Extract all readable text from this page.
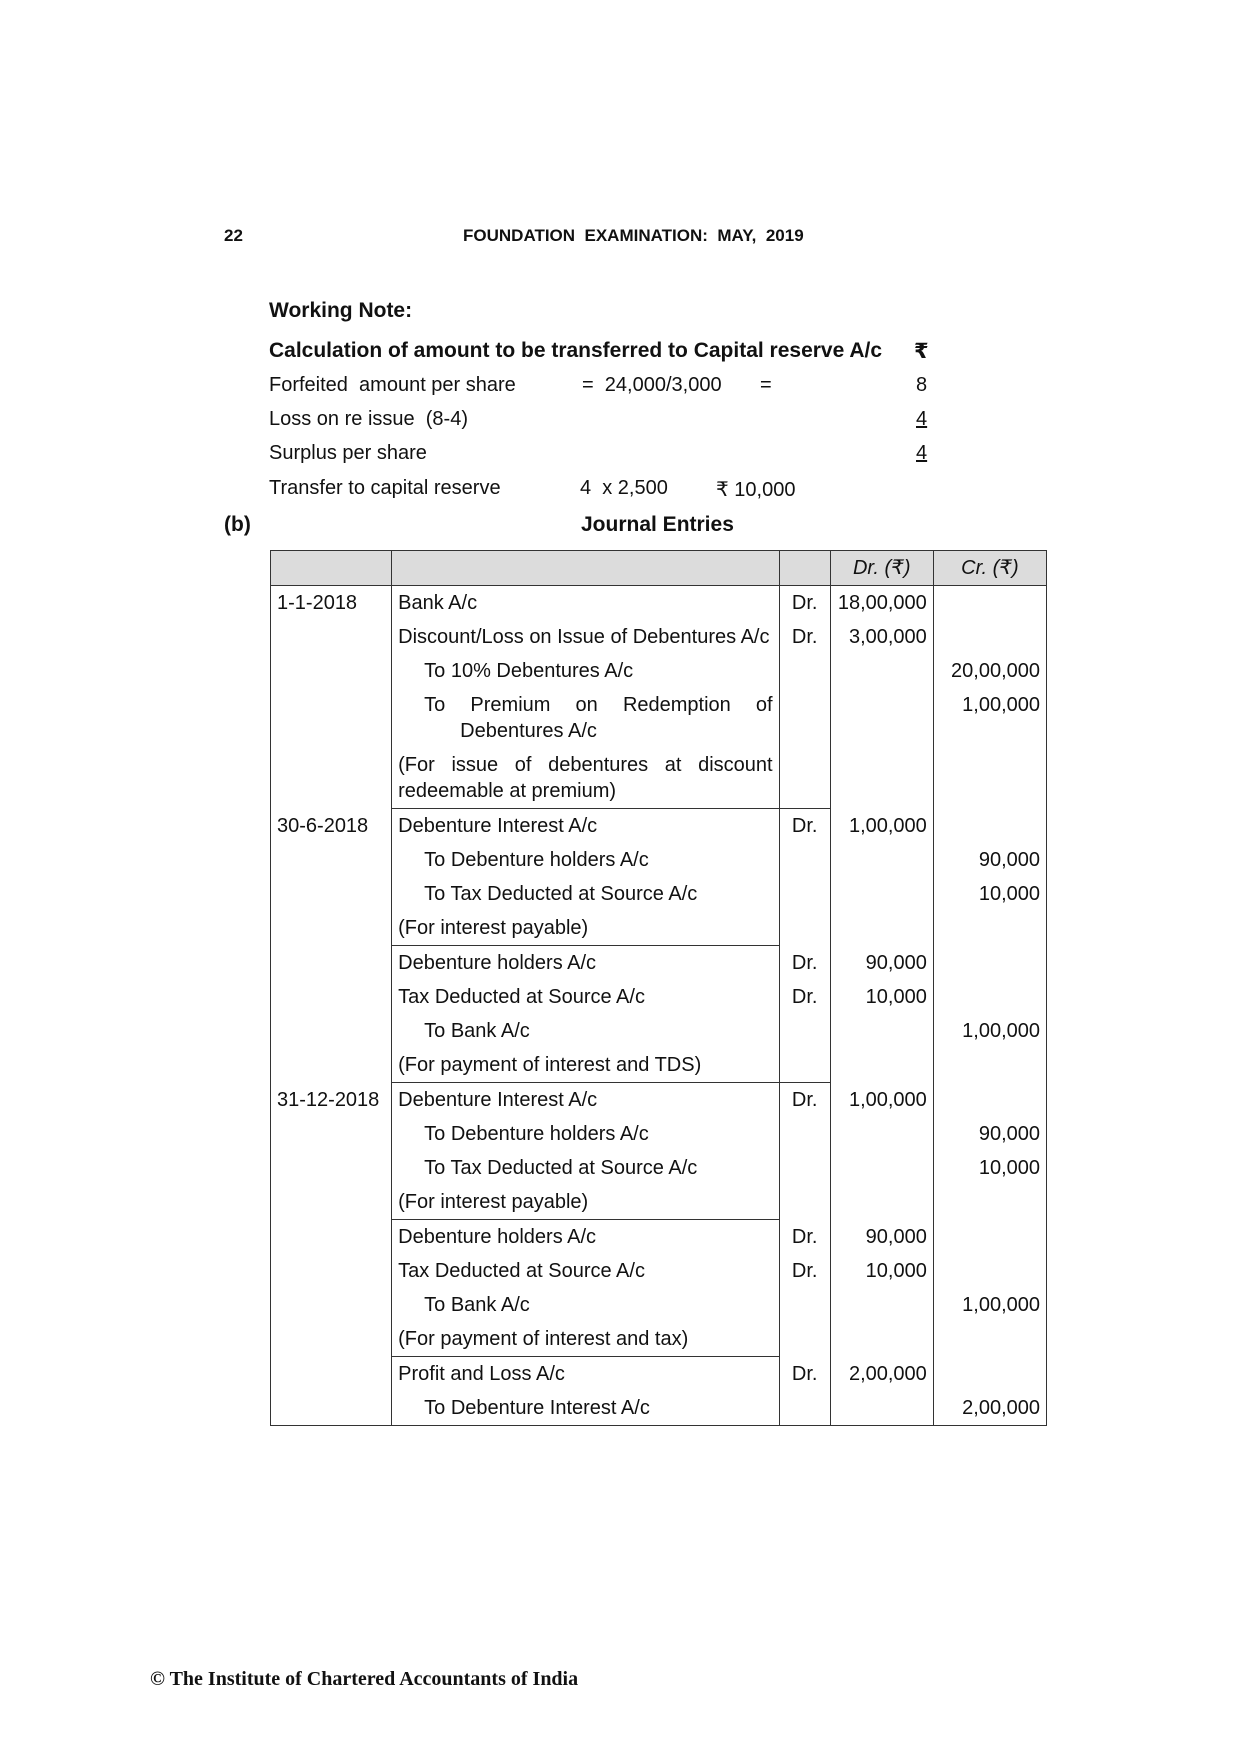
22	FOUNDATION  EXAMINATION:  MAY,  2019
Working Note:
Calculation of amount to be transferred to Capital reserve A/c ₹
Forfeited  amount per share	=  24,000/3,000 =	8
Loss on re issue  (8-4)	4
Surplus per share	4
Transfer to capital reserve	4  x 2,500 ₹ 10,000
(b)	Journal Entries
			Dr. (₹)	Cr. (₹)
1-1-2018	Bank A/c	Dr.	18,00,000	
	Discount/Loss on Issue of Debentures A/c	Dr.	3,00,000	

	To 10% Debentures A/c			20,00,000

	To   Premium   on   Redemption   of
Debentures A/c			1,00,000

	(For  issue  of  debentures  at  discount
redeemable at premium)			

30-6-2018	Debenture Interest A/c	Dr.	1,00,000	

	To Debenture holders A/c			90,000

	To Tax Deducted at Source A/c			10,000
	(For interest payable)			
	Debenture holders A/c	Dr.	90,000	
	Tax Deducted at Source A/c	Dr.	10,000	

	To Bank A/c			1,00,000
	(For payment of interest and TDS)			
31-12-2018	Debenture Interest A/c	Dr.	1,00,000	

	To Debenture holders A/c			90,000

	To Tax Deducted at Source A/c			10,000
	(For interest payable)			
	Debenture holders A/c	Dr.	90,000	
	Tax Deducted at Source A/c	Dr.	10,000	

	To Bank A/c			1,00,000
	(For payment of interest and tax)			
	Profit and Loss A/c	Dr.	2,00,000	

	To Debenture Interest A/c			2,00,000
© The Institute of Chartered Accountants of India
